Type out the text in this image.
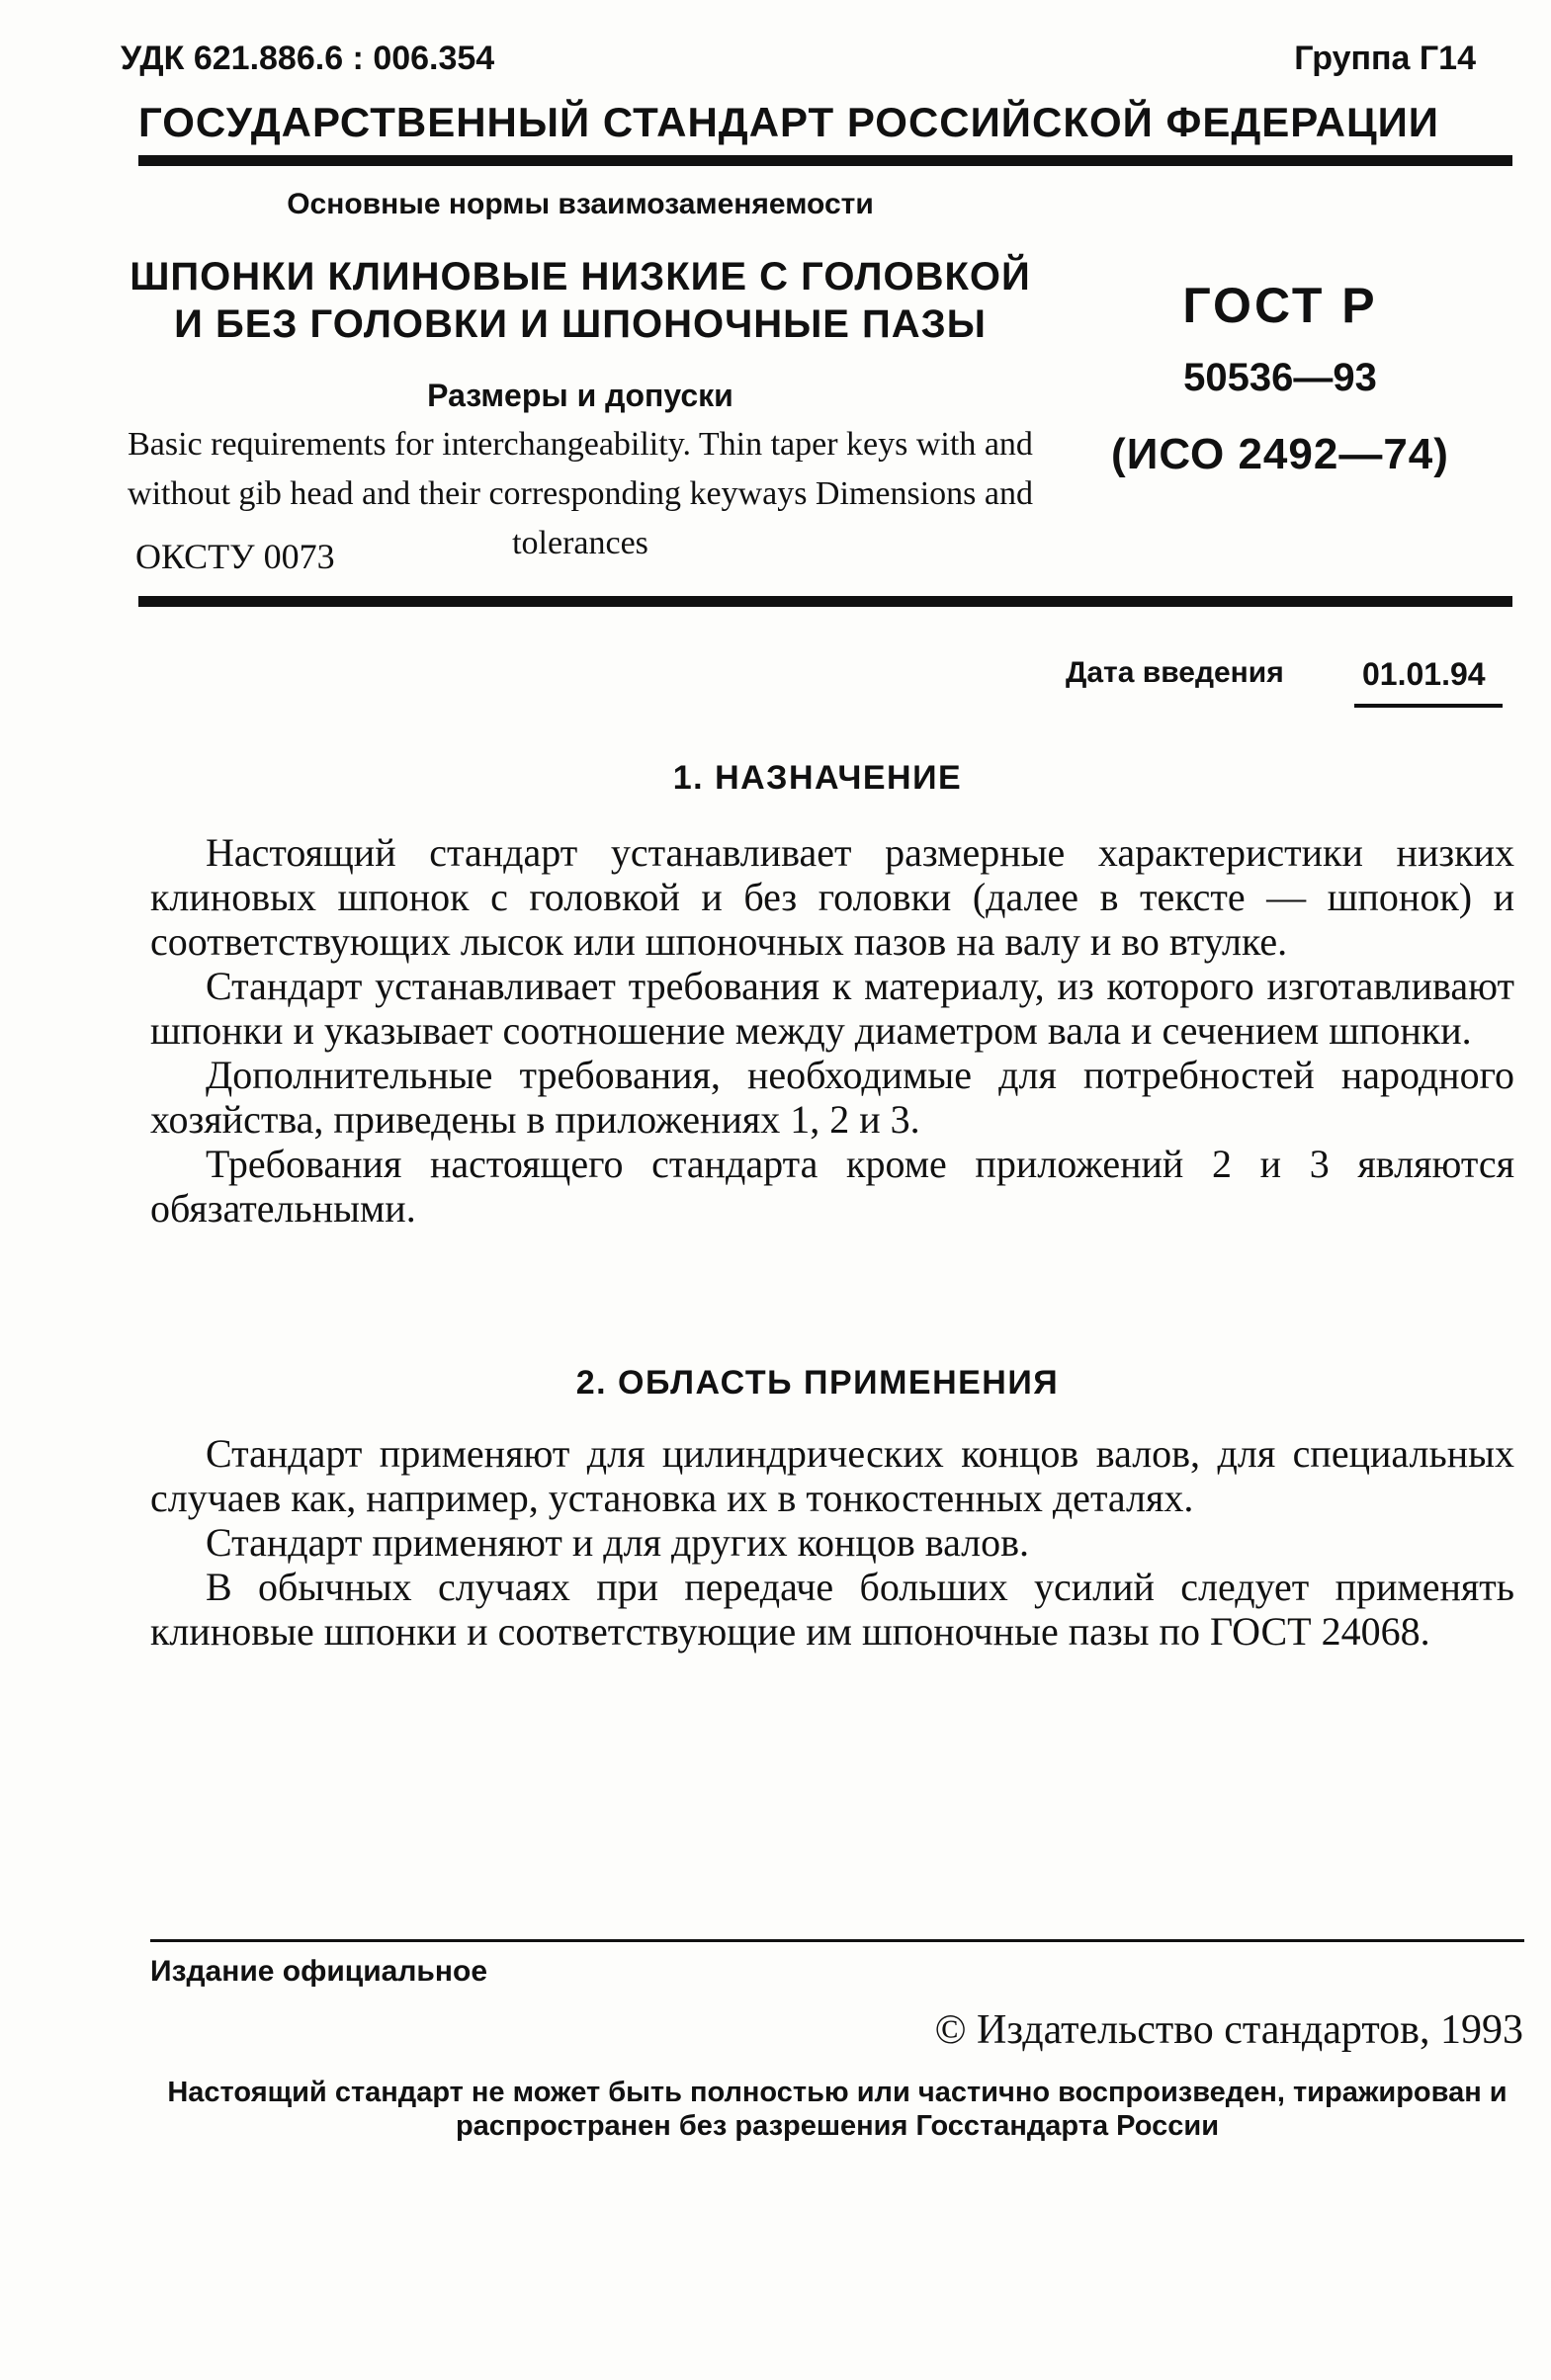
УДК 621.886.6 : 006.354	Группа Г14
ГОСУДАРСТВЕННЫЙ СТАНДАРТ РОССИЙСКОЙ ФЕДЕРАЦИИ
Основные нормы взаимозаменяемости
ШПОНКИ КЛИНОВЫЕ НИЗКИЕ С ГОЛОВКОЙ
И БЕЗ ГОЛОВКИ И ШПОНОЧНЫЕ ПАЗЫ
Размеры и допуски
Basic requirements for interchangeability. Thin taper keys with and without gib head and their corresponding keyways Dimensions and tolerances
ОКСТУ 0073
ГОСТ Р
50536—93
(ИСО 2492—74)
Дата введения 01.01.94
1. НАЗНАЧЕНИЕ

Настоящий стандарт устанавливает размерные характеристики низких клиновых шпонок с головкой и без головки (далее в тексте — шпонок) и соответствующих лысок или шпоночных пазов на валу и во втулке.

Стандарт устанавливает требования к материалу, из которого изготавливают шпонки и указывает соотношение между диаметром вала и сечением шпонки.

Дополнительные требования, необходимые для потребностей народного хозяйства, приведены в приложениях 1, 2 и 3.

Требования настоящего стандарта кроме приложений 2 и 3 являются обязательными.

2. ОБЛАСТЬ ПРИМЕНЕНИЯ

Стандарт применяют для цилиндрических концов валов, для специальных случаев как, например, установка их в тонкостенных деталях.

Стандарт применяют и для других концов валов.

В обычных случаях при передаче больших усилий следует применять клиновые шпонки и соответствующие им шпоночные пазы по ГОСТ 24068.

Издание официальное
© Издательство стандартов, 1993
Настоящий стандарт не может быть полностью или частично воспроизведен, тиражирован и распространен без разрешения Госстандарта России
